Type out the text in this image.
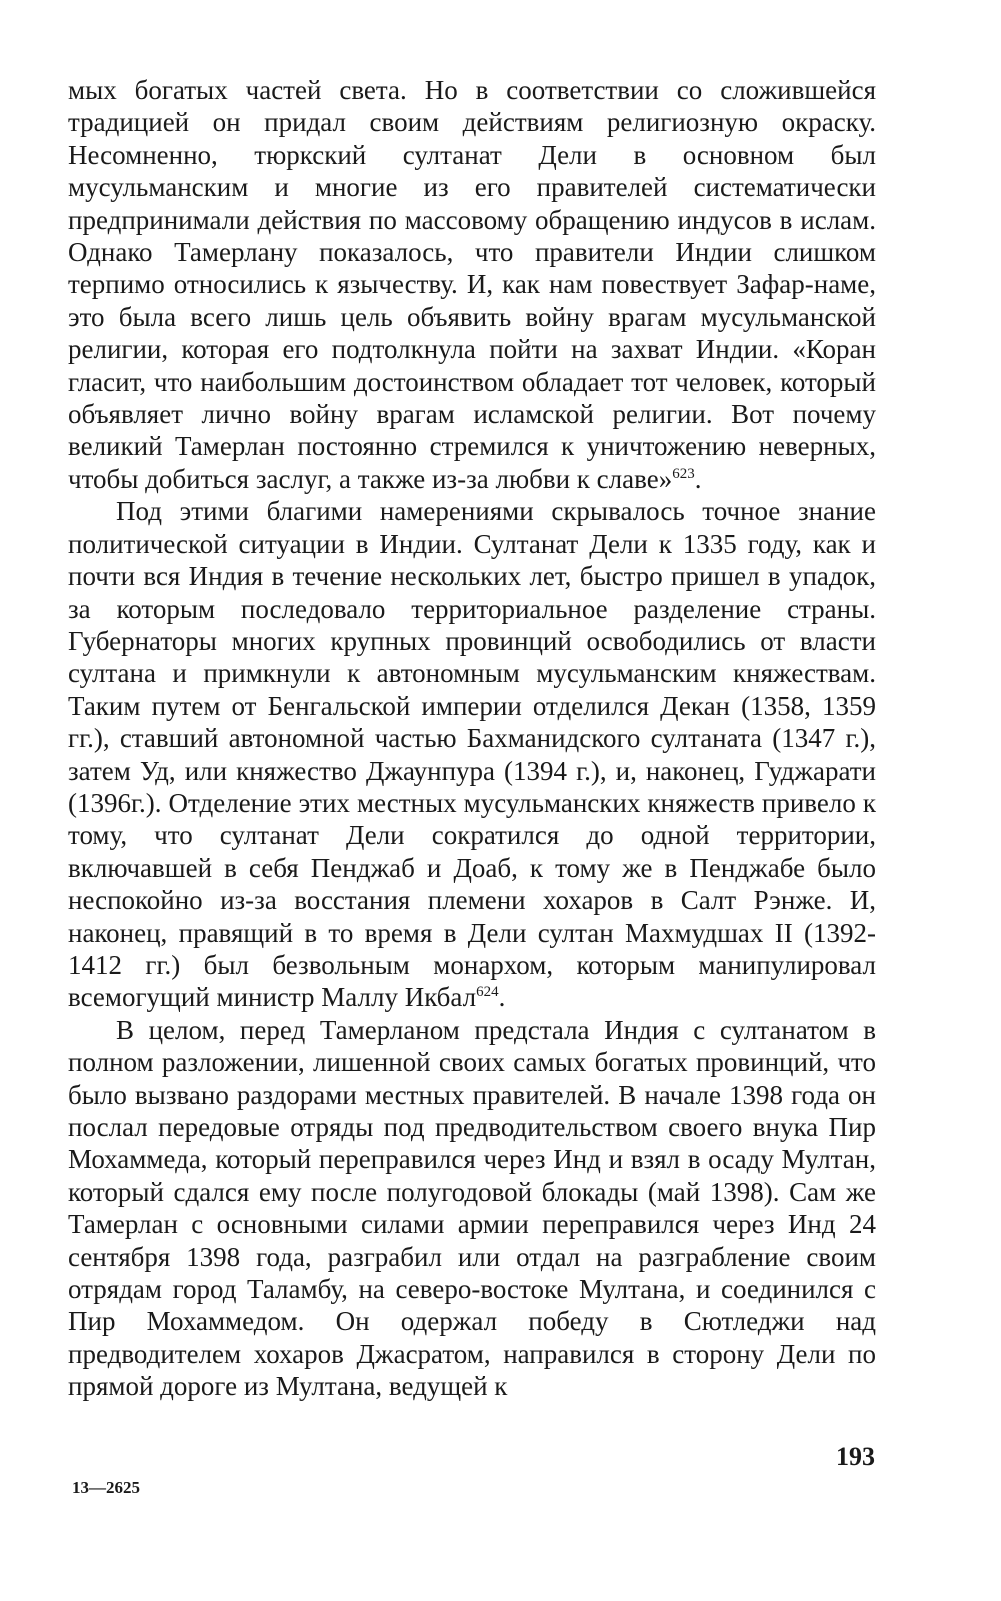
мых богатых частей света. Но в соответствии со сложившейся традицией он придал своим действиям религиозную окраску. Несомненно, тюркский султанат Дели в основном был мусульманским и многие из его правителей систематически предпринимали действия по массовому обращению индусов в ислам. Однако Тамерлану показалось, что правители Индии слишком терпимо относились к язычеству. И, как нам повествует Зафар-наме, это была всего лишь цель объявить войну врагам мусульманской религии, которая его подтолкнула пойти на захват Индии. «Коран гласит, что наибольшим достоинством обладает тот человек, который объявляет лично войну врагам исламской религии. Вот почему великий Тамерлан постоянно стремился к уничтожению неверных, чтобы добиться заслуг, а также из-за любви к славе»$^{623}$.

Под этими благими намерениями скрывалось точное знание политической ситуации в Индии. Султанат Дели к 1335 году, как и почти вся Индия в течение нескольких лет, быстро пришел в упадок, за которым последовало территориальное разделение страны. Губернаторы многих крупных провинций освободились от власти султана и примкнули к автономным мусульманским княжествам. Таким путем от Бенгальской империи отделился Декан (1358, 1359 гг.), ставший автономной частью Бахманидского султаната (1347 г.), затем Уд, или княжество Джаунпура (1394 г.), и, наконец, Гуджарати (1396г.). Отделение этих местных мусульманских княжеств привело к тому, что султанат Дели сократился до одной территории, включавшей в себя Пенджаб и Доаб, к тому же в Пенджабе было неспокойно из-за восстания племени хохаров в Салт Рэнже. И, наконец, правящий в то время в Дели султан Махмудшах II (1392-1412 гг.) был безвольным монархом, которым манипулировал всемогущий министр Маллу Икбал$^{624}$.

В целом, перед Тамерланом предстала Индия с султанатом в полном разложении, лишенной своих самых богатых провинций, что было вызвано раздорами местных правителей. В начале 1398 года он послал передовые отряды под предводительством своего внука Пир Мохаммеда, который переправился через Инд и взял в осаду Мултан, который сдался ему после полугодовой блокады (май 1398). Сам же Тамерлан с основными силами армии переправился через Инд 24 сентября 1398 года, разграбил или отдал на разграбление своим отрядам город Таламбу, на северо-востоке Мултана, и соединился с Пир Мохаммедом. Он одержал победу в Сютледжи над предводителем хохаров Джасратом, направился в сторону Дели по прямой дороге из Мултана, ведущей к

193
13—2625
